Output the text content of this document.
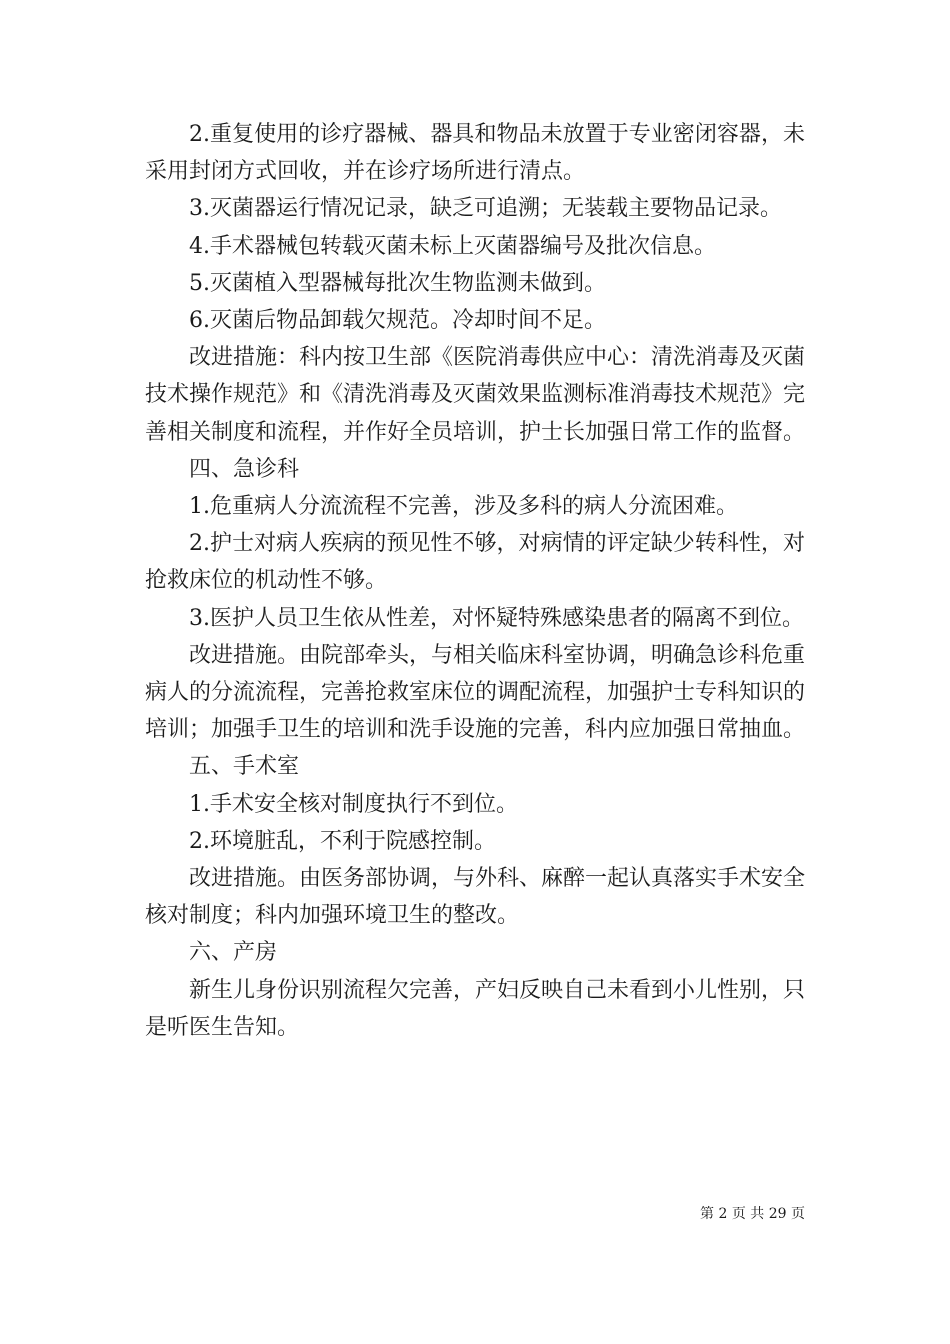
2.重复使用的诊疗器械、器具和物品未放置于专业密闭容器，未采用封闭方式回收，并在诊疗场所进行清点。

3.灭菌器运行情况记录，缺乏可追溯；无装载主要物品记录。

4.手术器械包转载灭菌未标上灭菌器编号及批次信息。

5.灭菌植入型器械每批次生物监测未做到。

6.灭菌后物品卸载欠规范。冷却时间不足。

改进措施：科内按卫生部《医院消毒供应中心：清洗消毒及灭菌技术操作规范》和《清洗消毒及灭菌效果监测标准消毒技术规范》完善相关制度和流程，并作好全员培训，护士长加强日常工作的监督。

四、急诊科

1.危重病人分流流程不完善，涉及多科的病人分流困难。

2.护士对病人疾病的预见性不够，对病情的评定缺少转科性，对抢救床位的机动性不够。

3.医护人员卫生依从性差，对怀疑特殊感染患者的隔离不到位。

改进措施。由院部牵头，与相关临床科室协调，明确急诊科危重病人的分流流程，完善抢救室床位的调配流程，加强护士专科知识的培训；加强手卫生的培训和洗手设施的完善，科内应加强日常抽血。

五、手术室

1.手术安全核对制度执行不到位。

2.环境脏乱，不利于院感控制。

改进措施。由医务部协调，与外科、麻醉一起认真落实手术安全核对制度；科内加强环境卫生的整改。

六、产房

新生儿身份识别流程欠完善，产妇反映自己未看到小儿性别，只是听医生告知。

第 2 页 共 29 页
